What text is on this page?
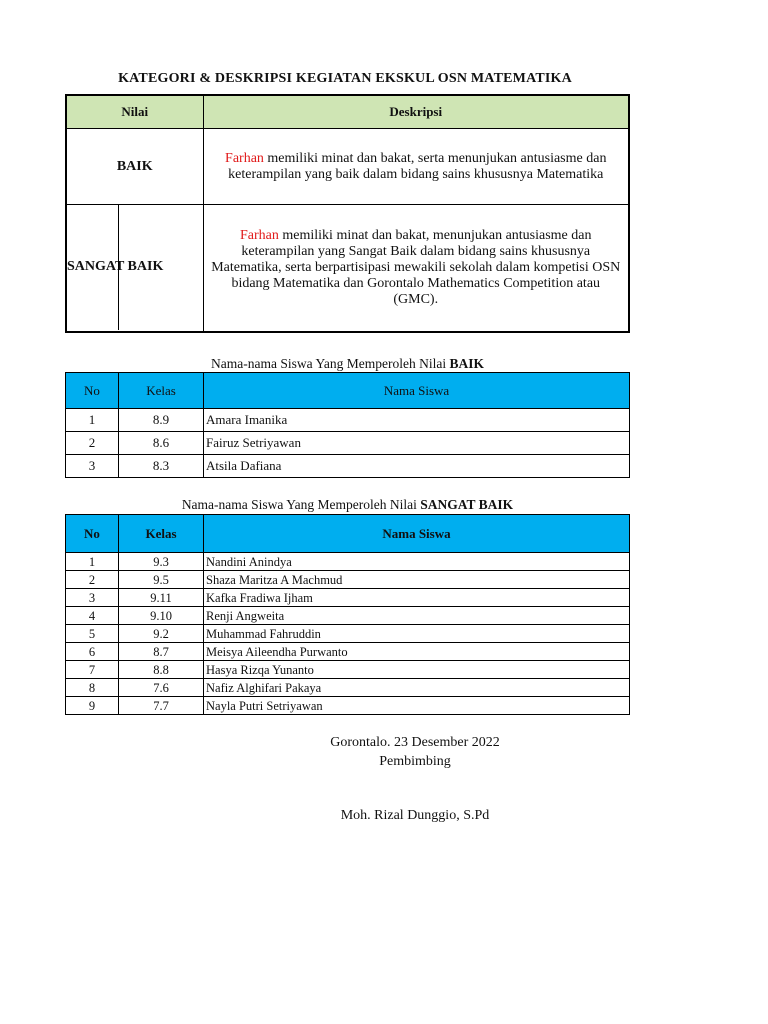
KATEGORI & DESKRIPSI KEGIATAN EKSKUL OSN MATEMATIKA
Nilai	Deskripsi
BAIK	Farhan memiliki minat dan bakat, serta menunjukan antusiasme dan keterampilan yang baik dalam bidang sains khususnya Matematika

SANGAT BAIK	Farhan memiliki minat dan bakat, menunjukan antusiasme dan keterampilan yang Sangat Baik dalam bidang sains khususnya Matematika, serta berpartisipasi mewakili sekolah dalam kompetisi OSN bidang Matematika dan Gorontalo Mathematics Competition atau (GMC).
Nama-nama Siswa Yang Memperoleh Nilai BAIK
No	Kelas	Nama Siswa
1	8.9	Amara Imanika
2	8.6	Fairuz Setriyawan
3	8.3	Atsila Dafiana
Nama-nama Siswa Yang Memperoleh Nilai SANGAT BAIK
No	Kelas	Nama Siswa
1	9.3	Nandini Anindya
2	9.5	Shaza Maritza A Machmud
3	9.11	Kafka Fradiwa Ijham
4	9.10	Renji Angweita
5	9.2	Muhammad Fahruddin
6	8.7	Meisya Aileendha Purwanto
7	8.8	Hasya Rizqa Yunanto
8	7.6	Nafiz Alghifari Pakaya
9	7.7	Nayla Putri Setriyawan
Gorontalo. 23 Desember 2022
Pembimbing
Moh. Rizal Dunggio, S.Pd
